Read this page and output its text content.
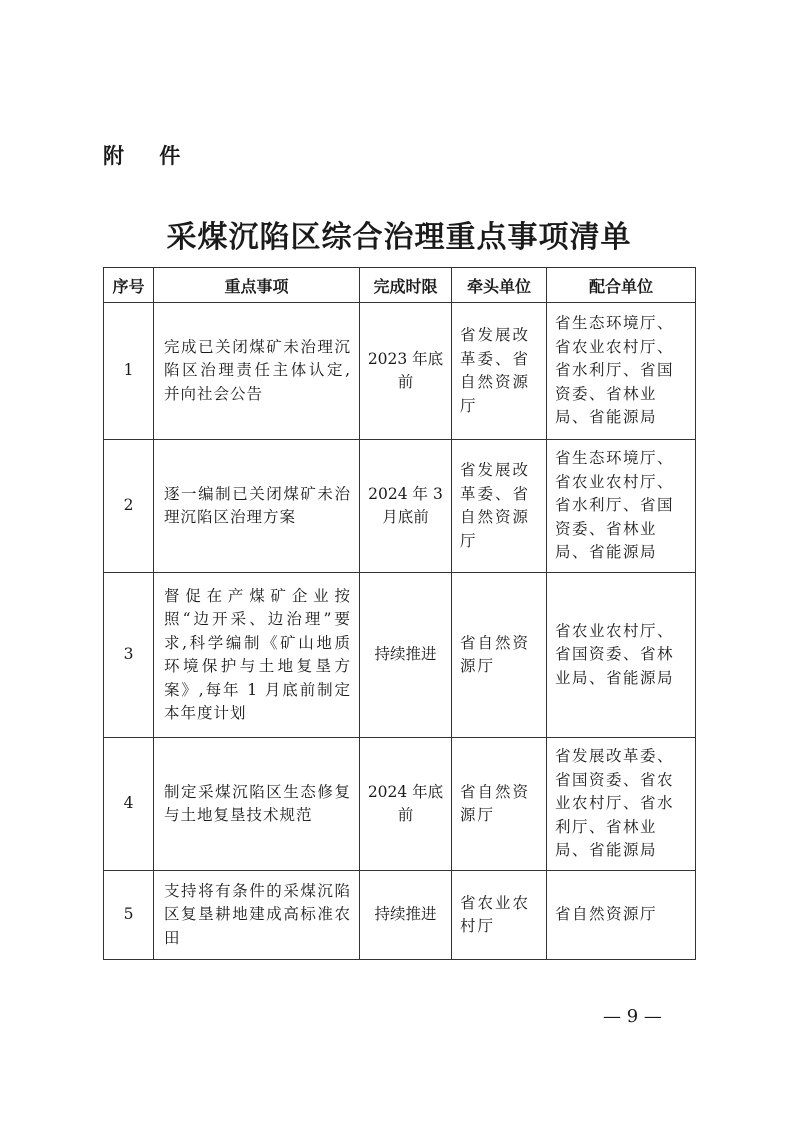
附 件
采煤沉陷区综合治理重点事项清单
序号	重点事项	完成时限	牵头单位	配合单位
1	完成已关闭煤矿未治理沉陷区治理责任主体认定,并向社会公告	2023 年底前	省发展改革委、省自然资源厅	省生态环境厅、省农业农村厅、省水利厅、省国资委、省林业局、省能源局
2	逐一编制已关闭煤矿未治理沉陷区治理方案	2024 年 3 月底前	省发展改革委、省自然资源厅	省生态环境厅、省农业农村厅、省水利厅、省国资委、省林业局、省能源局
3	督促在产煤矿企业按照“边开采、边治理”要求,科学编制《矿山地质环境保护与土地复垦方案》,每年 1 月底前制定本年度计划	持续推进	省自然资源厅	省农业农村厅、省国资委、省林业局、省能源局
4	制定采煤沉陷区生态修复与土地复垦技术规范	2024 年底前	省自然资源厅	省发展改革委、省国资委、省农业农村厅、省水利厅、省林业局、省能源局
5	支持将有条件的采煤沉陷区复垦耕地建成高标准农田	持续推进	省农业农村厅	省自然资源厅
— 9 —
